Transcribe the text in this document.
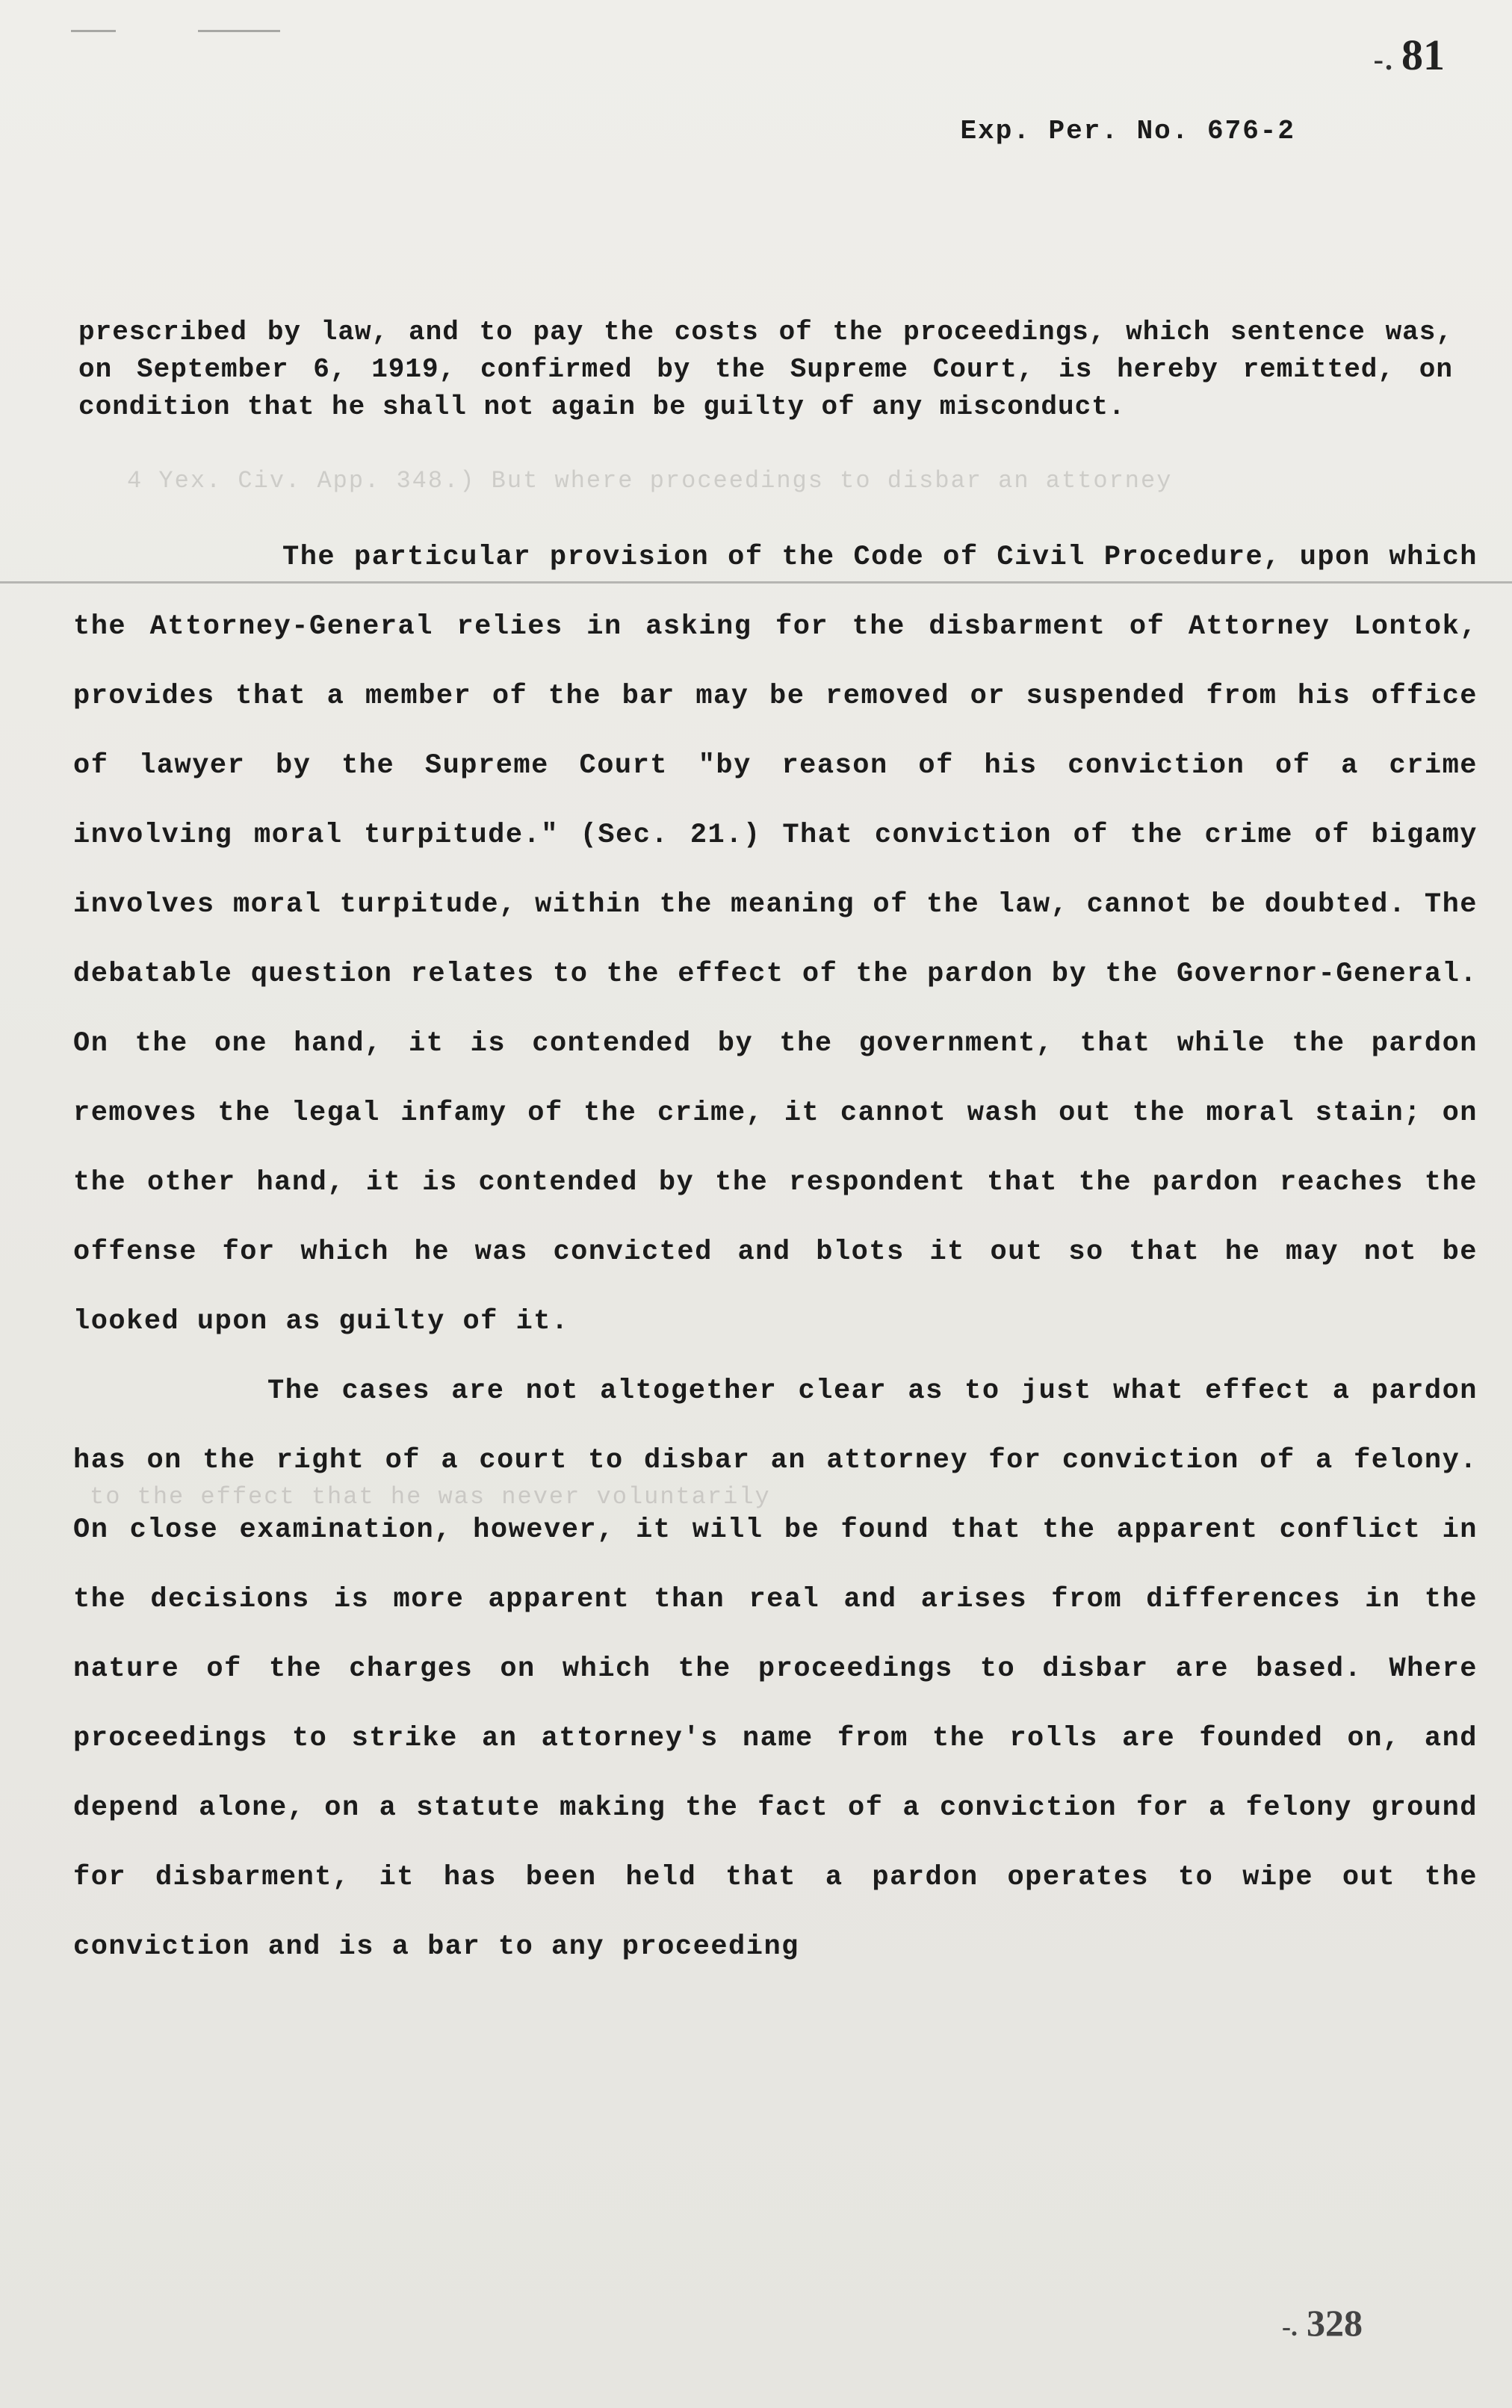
-. 81
Exp. Per. No. 676-2
4 Yex. Civ. App. 348.) But where proceedings to disbar an attorney
to the effect that he was never voluntarily

prescribed by law, and to pay the costs of the proceedings, which sentence was, on September 6, 1919, confirmed by the Supreme Court, is hereby remitted, on condition that he shall not again be guilty of any misconduct.

The particular provision of the Code of Civil Procedure, upon which the Attorney-General relies in asking for the disbarment of Attorney Lontok, provides that a member of the bar may be removed or suspended from his office of lawyer by the Supreme Court "by reason of his conviction of a crime involving moral turpitude." (Sec. 21.) That conviction of the crime of bigamy involves moral turpitude, within the meaning of the law, cannot be doubted. The debatable question relates to the effect of the pardon by the Governor-General. On the one hand, it is contended by the government, that while the pardon removes the legal infamy of the crime, it cannot wash out the moral stain; on the other hand, it is contended by the respondent that the pardon reaches the offense for which he was convicted and blots it out so that he may not be looked upon as guilty of it.

The cases are not altogether clear as to just what effect a pardon has on the right of a court to disbar an attorney for conviction of a felony. On close examination, however, it will be found that the apparent conflict in the decisions is more apparent than real and arises from differences in the nature of the charges on which the proceedings to disbar are based. Where proceedings to strike an attorney's name from the rolls are founded on, and depend alone, on a statute making the fact of a conviction for a felony ground for disbarment, it has been held that a pardon operates to wipe out the conviction and is a bar to any proceeding

-. 328
